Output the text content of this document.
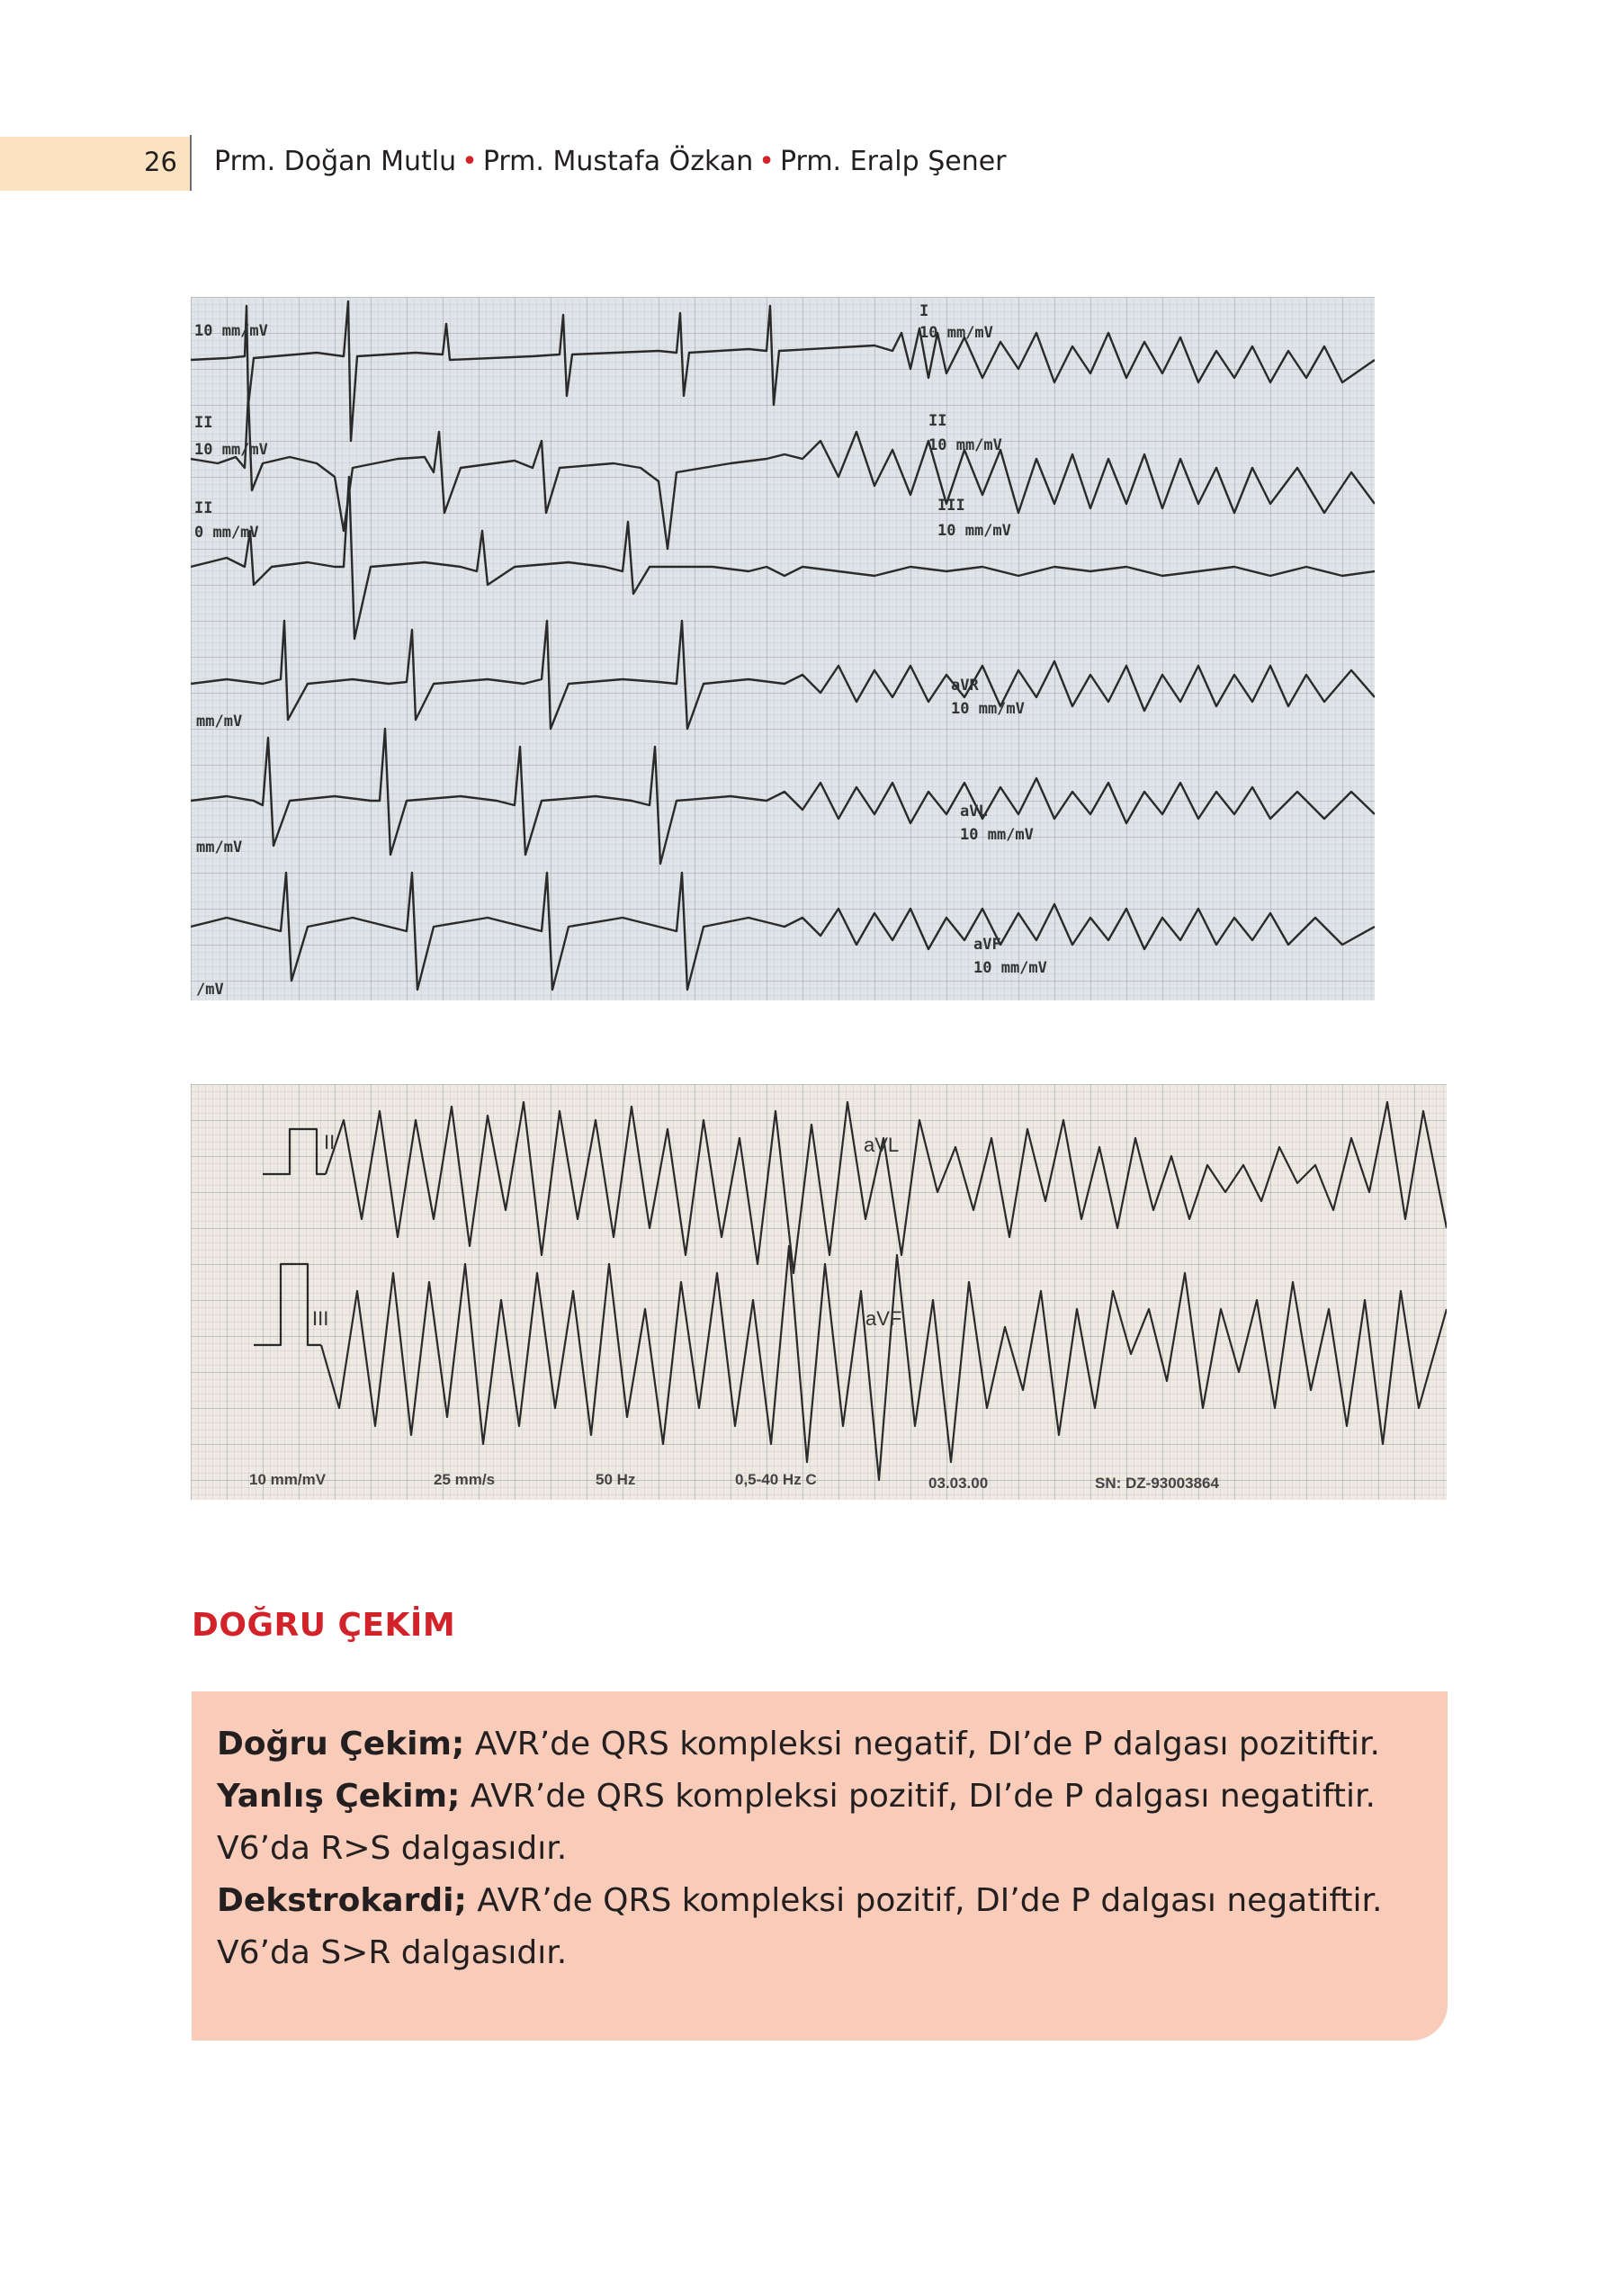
26 Prm. Doğan Mutlu • Prm. Mustafa Özkan • Prm. Eralp Şener
10 mm/mV
II
10 mm/mV
II
0 mm/mV
I
10 mm/mV
II
10 mm/mV
III
10 mm/mV
mm/mV
aVR
10 mm/mV
mm/mV
aVL
10 mm/mV
aVF
10 mm/mV
/mV
II	aVL
III	aVF
10 mm/mV	25 mm/s	50 Hz	0,5-40 Hz C	03.03.00	SN: DZ-93003864
DOĞRU ÇEKİM

Doğru Çekim; AVR’de QRS kompleksi negatif, DI’de P dalgası pozitiftir.

Yanlış Çekim; AVR’de QRS kompleksi pozitif, DI’de P dalgası negatiftir. V6’da R>S dalgasıdır.

Dekstrokardi; AVR’de QRS kompleksi pozitif, DI’de P dalgası negatiftir. V6’da S>R dalgasıdır.
